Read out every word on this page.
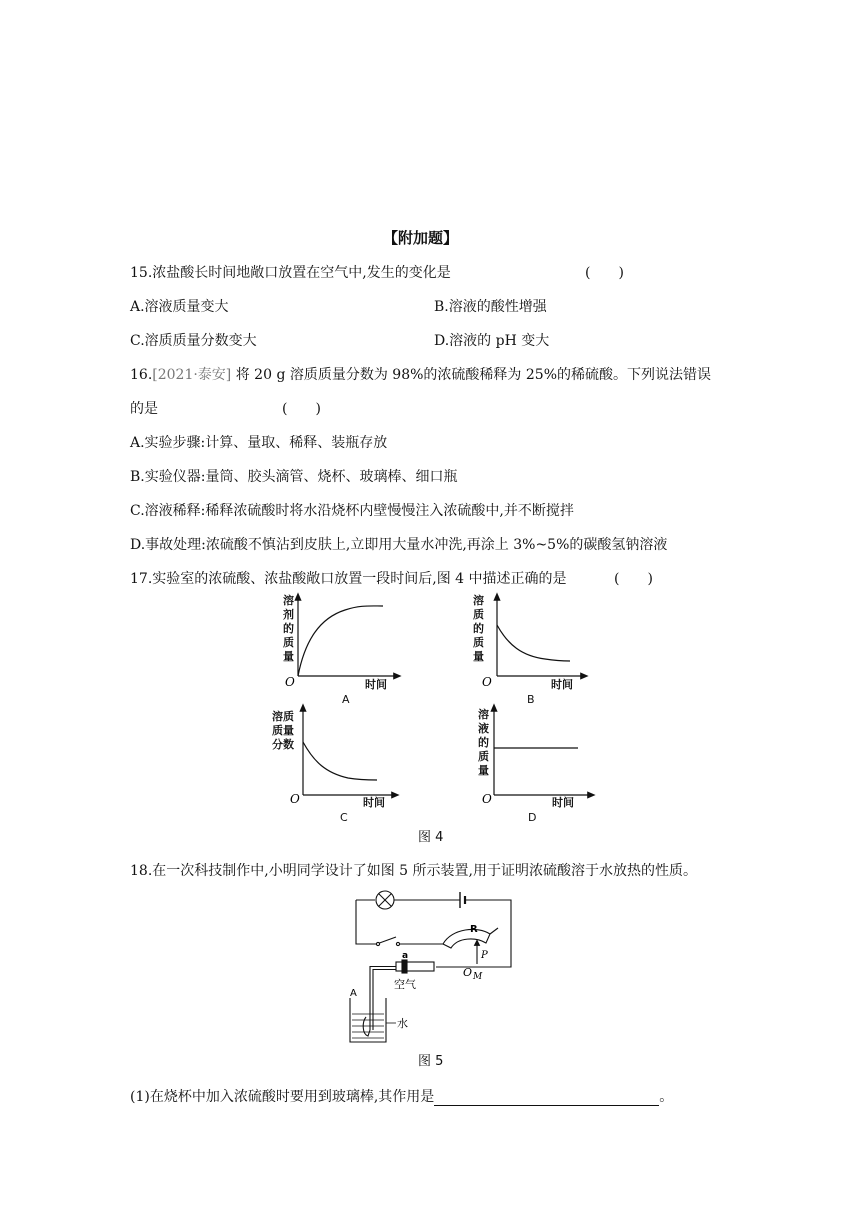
【附加题】
15.浓盐酸长时间地敞口放置在空气中,发生的变化是	(　　)
A.溶液质量变大	B.溶液的酸性增强
C.溶质质量分数变大	D.溶液的 pH 变大
16.[2021·泰安] 将 20 g 溶质质量分数为 98%的浓硫酸稀释为 25%的稀硫酸。下列说法错误
的是	(　　)
A.实验步骤:计算、量取、稀释、装瓶存放
B.实验仪器:量筒、胶头滴管、烧杯、玻璃棒、细口瓶
C.溶液稀释:稀释浓硫酸时将水沿烧杯内壁慢慢注入浓硫酸中,并不断搅拌
D.事故处理:浓硫酸不慎沾到皮肤上,立即用大量水冲洗,再涂上 3%~5%的碳酸氢钠溶液
17.实验室的浓硫酸、浓盐酸敞口放置一段时间后,图 4 中描述正确的是	(　　)
溶
剂
的
质
量
时间
A
O
溶
质
的
质
量
时间
B
O
溶质
质量
分数
时间
C
O
溶
液
的
质
量
时间
D
O
图 4
18.在一次科技制作中,小明同学设计了如图 5 所示装置,用于证明浓硫酸溶于水放热的性质。
R
P
O M
a
A
空气
水
图 5
(1)在烧杯中加入浓硫酸时要用到玻璃棒,其作用是	。
